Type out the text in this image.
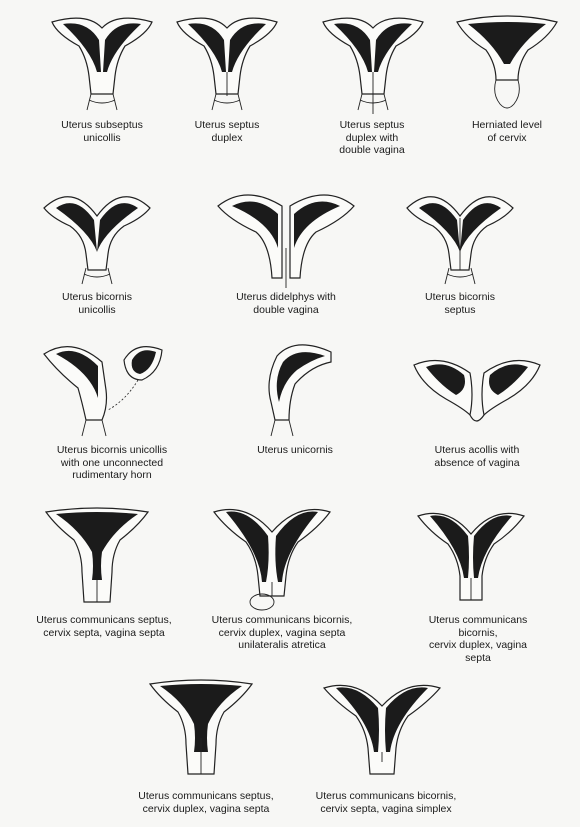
Uterus subseptus
unicollis
Uterus septus
duplex
Uterus septus
duplex with
double vagina
Herniated level
of cervix
Uterus bicornis
unicollis
Uterus didelphys with
double vagina
Uterus bicornis
septus
Uterus bicornis unicollis
with one unconnected
rudimentary horn
Uterus unicornis	Uterus acollis with
absence of vagina
Uterus communicans septus,
cervix septa, vagina septa
Uterus communicans bicornis,
cervix duplex, vagina septa
unilateralis atretica
Uterus communicans bicornis,
cervix duplex, vagina septa
Uterus communicans septus,
cervix duplex, vagina septa
Uterus communicans bicornis,
cervix septa, vagina simplex
